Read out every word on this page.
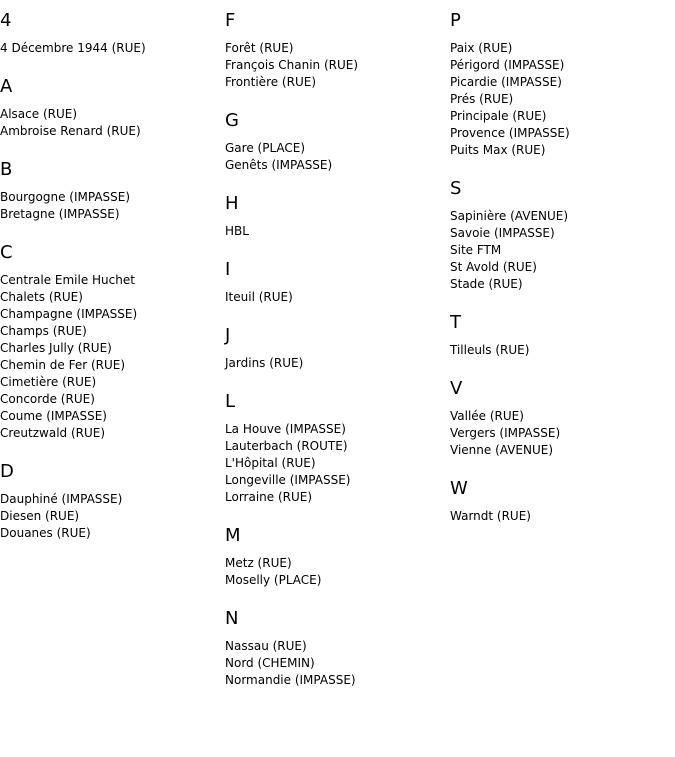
4
4 Décembre 1944 (RUE)
A
Alsace (RUE)
Ambroise Renard (RUE)
B
Bourgogne (IMPASSE)
Bretagne (IMPASSE)
C
Centrale Emile Huchet
Chalets (RUE)
Champagne (IMPASSE)
Champs (RUE)
Charles Jully (RUE)
Chemin de Fer (RUE)
Cimetière (RUE)
Concorde (RUE)
Coume (IMPASSE)
Creutzwald (RUE)
D
Dauphiné (IMPASSE)
Diesen (RUE)
Douanes (RUE)
F
Forêt (RUE)
François Chanin (RUE)
Frontière (RUE)
G
Gare (PLACE)
Genêts (IMPASSE)
H
HBL
I
Iteuil (RUE)
J
Jardins (RUE)
L
La Houve (IMPASSE)
Lauterbach (ROUTE)
L'Hôpital (RUE)
Longeville (IMPASSE)
Lorraine (RUE)
M
Metz (RUE)
Moselly (PLACE)
N
Nassau (RUE)
Nord (CHEMIN)
Normandie (IMPASSE)
P
Paix (RUE)
Périgord (IMPASSE)
Picardie (IMPASSE)
Prés (RUE)
Principale (RUE)
Provence (IMPASSE)
Puits Max (RUE)
S
Sapinière (AVENUE)
Savoie (IMPASSE)
Site FTM
St Avold (RUE)
Stade (RUE)
T
Tilleuls (RUE)
V
Vallée (RUE)
Vergers (IMPASSE)
Vienne (AVENUE)
W
Warndt (RUE)
